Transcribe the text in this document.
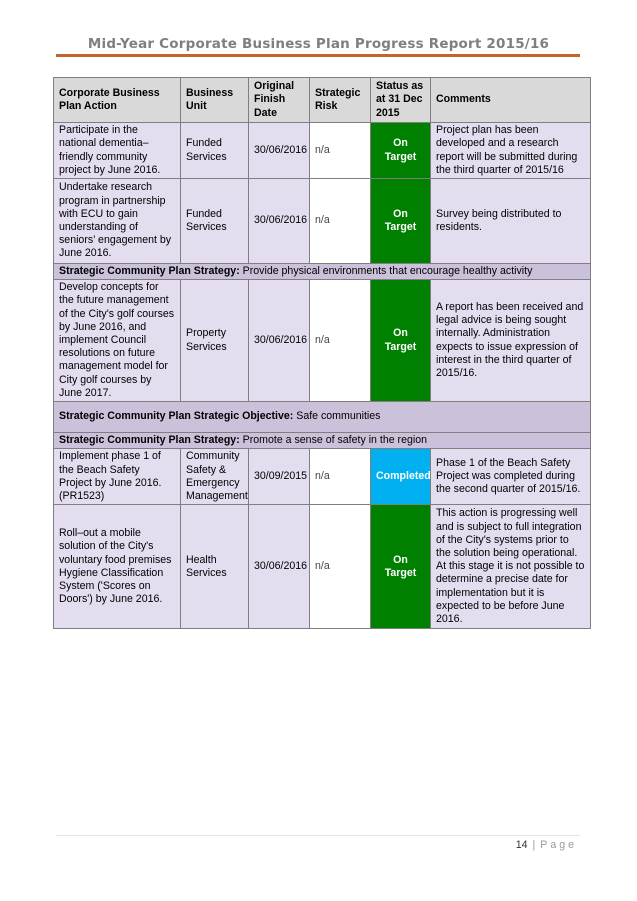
Mid-Year Corporate Business Plan Progress Report 2015/16
Corporate Business Plan Action	Business Unit	Original Finish Date	Strategic Risk	Status as at 31 Dec 2015	Comments
Participate in the national dementia–friendly community project by June 2016.	Funded Services	30/06/2016	n/a	On Target	Project plan has been developed and a research report will be submitted during the third quarter of 2015/16
Undertake research program in partnership with ECU to gain understanding of seniors’ engagement by June 2016.	Funded Services	30/06/2016	n/a	On Target	Survey being distributed to residents.
Strategic Community Plan Strategy: Provide physical environments that encourage healthy activity					
Develop concepts for the future management of the City's golf courses by June 2016, and implement Council resolutions on future management model for City golf courses by June 2017.	Property Services	30/06/2016	n/a	On Target	A report has been received and legal advice is being sought internally. Administration expects to issue expression of interest in the third quarter of 2015/16.
Strategic Community Plan Strategic Objective: Safe communities					
Strategic Community Plan Strategy: Promote a sense of safety in the region					
Implement phase 1 of the Beach Safety Project by June 2016. (PR1523)	Community Safety & Emergency Management	30/09/2015	n/a	Completed	Phase 1 of the Beach Safety Project was completed during the second quarter of 2015/16.
Roll–out a mobile solution of the City's voluntary food premises Hygiene Classification System ('Scores on Doors') by June 2016.	Health Services	30/06/2016	n/a	On Target	This action is progressing well and is subject to full integration of the City's systems prior to the solution being operational. At this stage it is not possible to determine a precise date for implementation but it is expected to be before June 2016.
14 | Page
